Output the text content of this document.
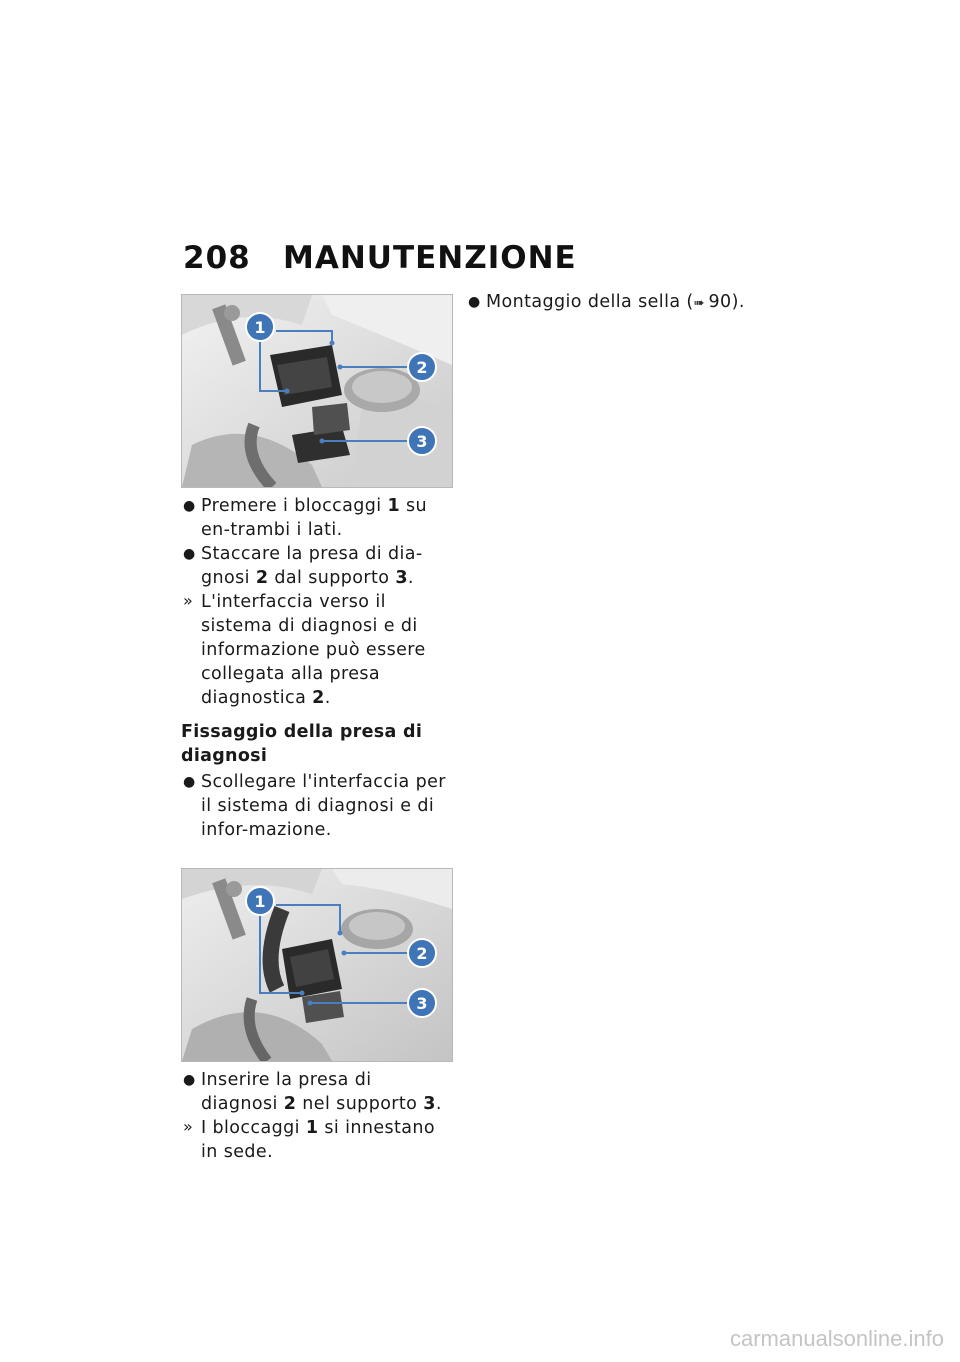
208 MANUTENZIONE
1
2
3
● Premere i bloccaggi 1 su en-trambi i lati.
● Staccare la presa di dia-gnosi 2 dal supporto 3.
» L'interfaccia verso il sistema di diagnosi e di informazione può essere collegata alla presa diagnostica 2.
Fissaggio della presa di diagnosi
● Scollegare l'interfaccia per il sistema di diagnosi e di infor-mazione.
1
2
3
● Inserire la presa di diagnosi 2 nel supporto 3.
» I bloccaggi 1 si innestano in sede.
● Montaggio della sella (➠ 90).
carmanualsonline.info
